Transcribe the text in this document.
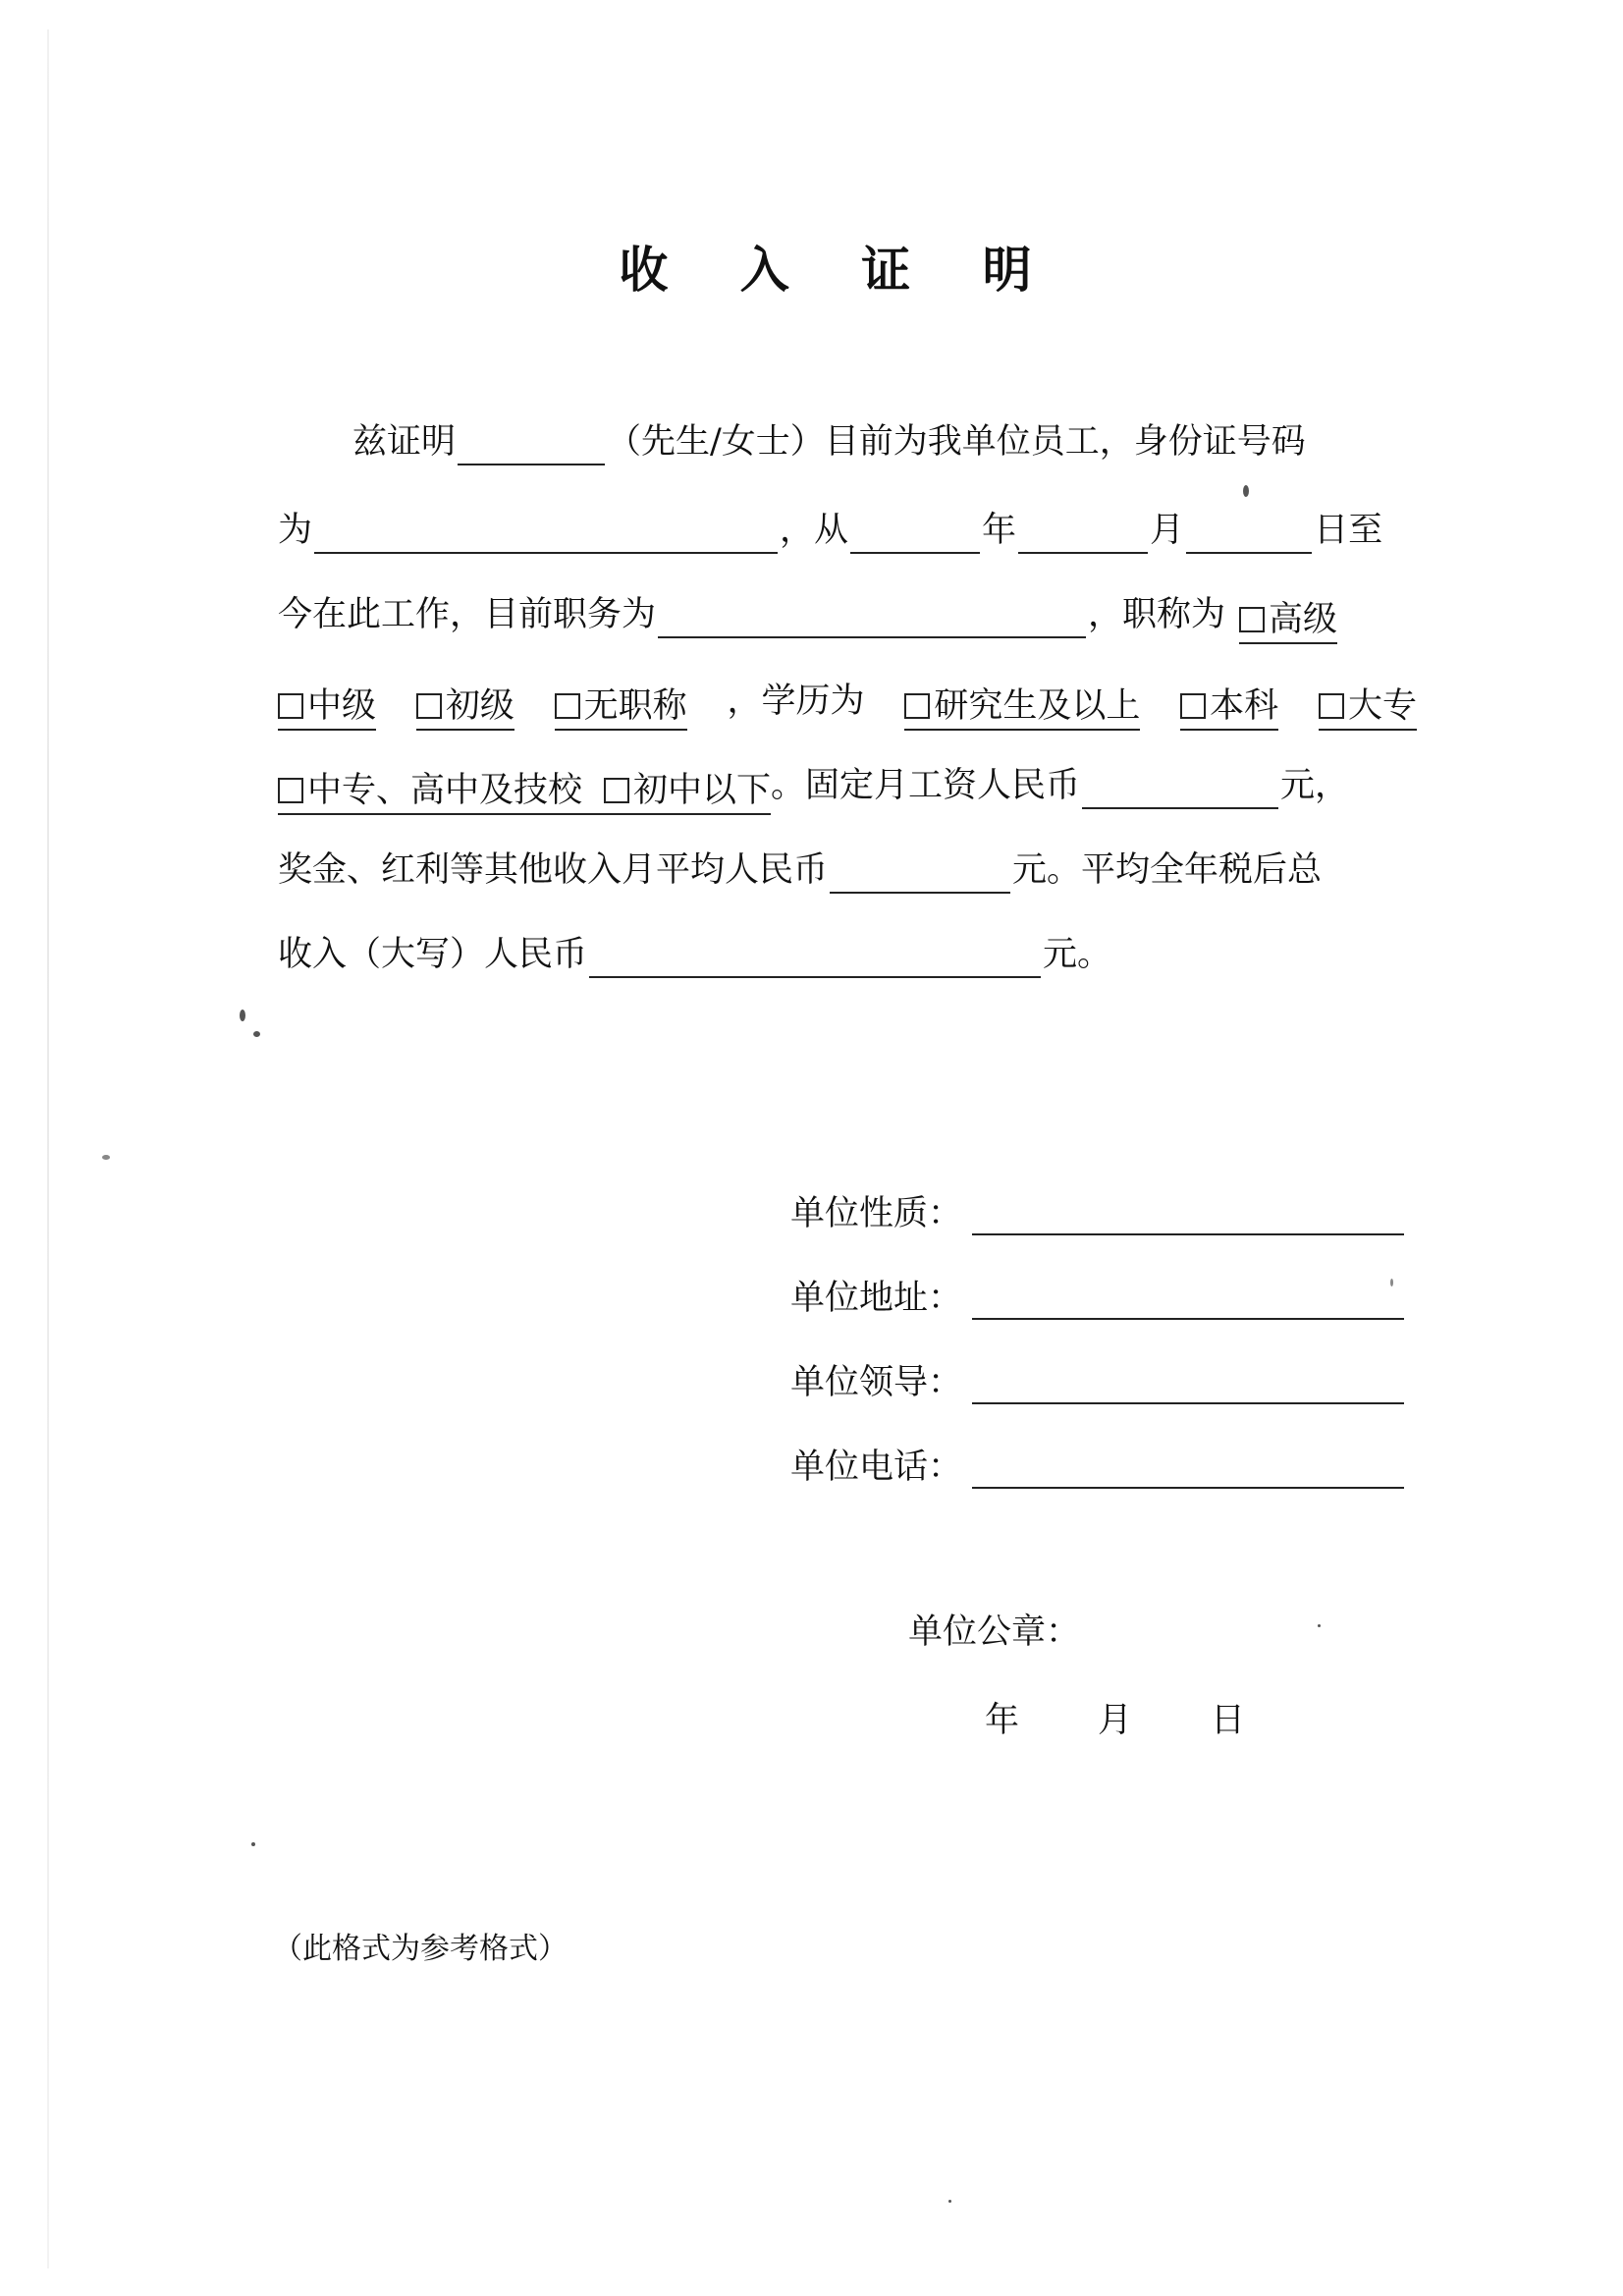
收 入 证 明
兹证明	（先生/女士）目前为我单位员工，身份证号码
为	，从	年	月	日至
今在此工作，目前职务为	，职称为 高级
中级 初级 无职称 ，学历为 研究生及以上 本科 大专
中专、高中及技校 初中以下 。固定月工资人民币	元，
奖金、红利等其他收入月平均人民币	元。平均全年税后总
收入（大写）人民币	元。
单位性质：
单位地址：
单位领导：
单位电话：
单位公章：
年 月 日
（此格式为参考格式）
